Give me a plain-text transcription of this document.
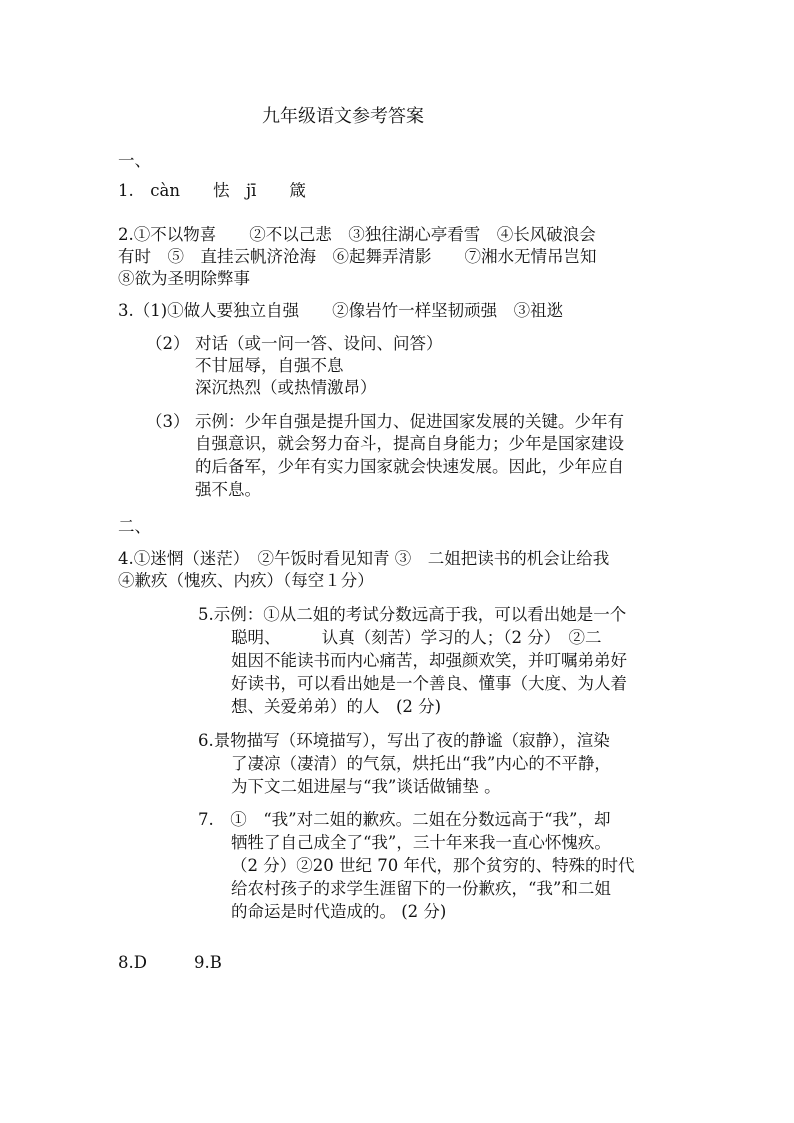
九年级语文参考答案
一、
1.　càn　　怯　jī　　箴
2.①不以物喜　　②不以己悲　③独往湖心亭看雪　④长风破浪会
有时　⑤　直挂云帆济沧海　⑥起舞弄清影　　⑦湘水无情吊岂知
⑧欲为圣明除弊事
3.（1)①做人要独立自强　　②像岩竹一样坚韧顽强　③祖逖
（2） 对话（或一问一答、设问、问答）
不甘屈辱，自强不息
深沉热烈（或热情激昂）
（3） 示例：少年自强是提升国力、促进国家发展的关键。少年有
自强意识，就会努力奋斗，提高自身能力；少年是国家建设
的后备军，少年有实力国家就会快速发展。因此，少年应自
强不息。
二、
4.①迷惘（迷茫）　②午饭时看见知青 ③　二姐把读书的机会让给我
④歉疚（愧疚、内疚）（每空１分）
5.示例：①从二姐的考试分数远高于我，可以看出她是一个
聪明、　　　认真（刻苦）学习的人；（2 分）　②二
姐因不能读书而内心痛苦，却强颜欢笑，并叮嘱弟弟好
好读书，可以看出她是一个善良、懂事（大度、为人着
想、关爱弟弟）的人　(2 分)
6.景物描写（环境描写），写出了夜的静谧（寂静），渲染
了凄凉（凄清）的气氛，烘托出“我”内心的不平静，
为下文二姐进屋与“我”谈话做铺垫 。
7.　①　“我”对二姐的歉疚。二姐在分数远高于“我”，却
牺牲了自己成全了“我”，三十年来我一直心怀愧疚。
（2 分）②20 世纪 70 年代，那个贫穷的、特殊的时代
给农村孩子的求学生涯留下的一份歉疚，“我”和二姐
的命运是时代造成的。 (2 分)
8.D	9.B
